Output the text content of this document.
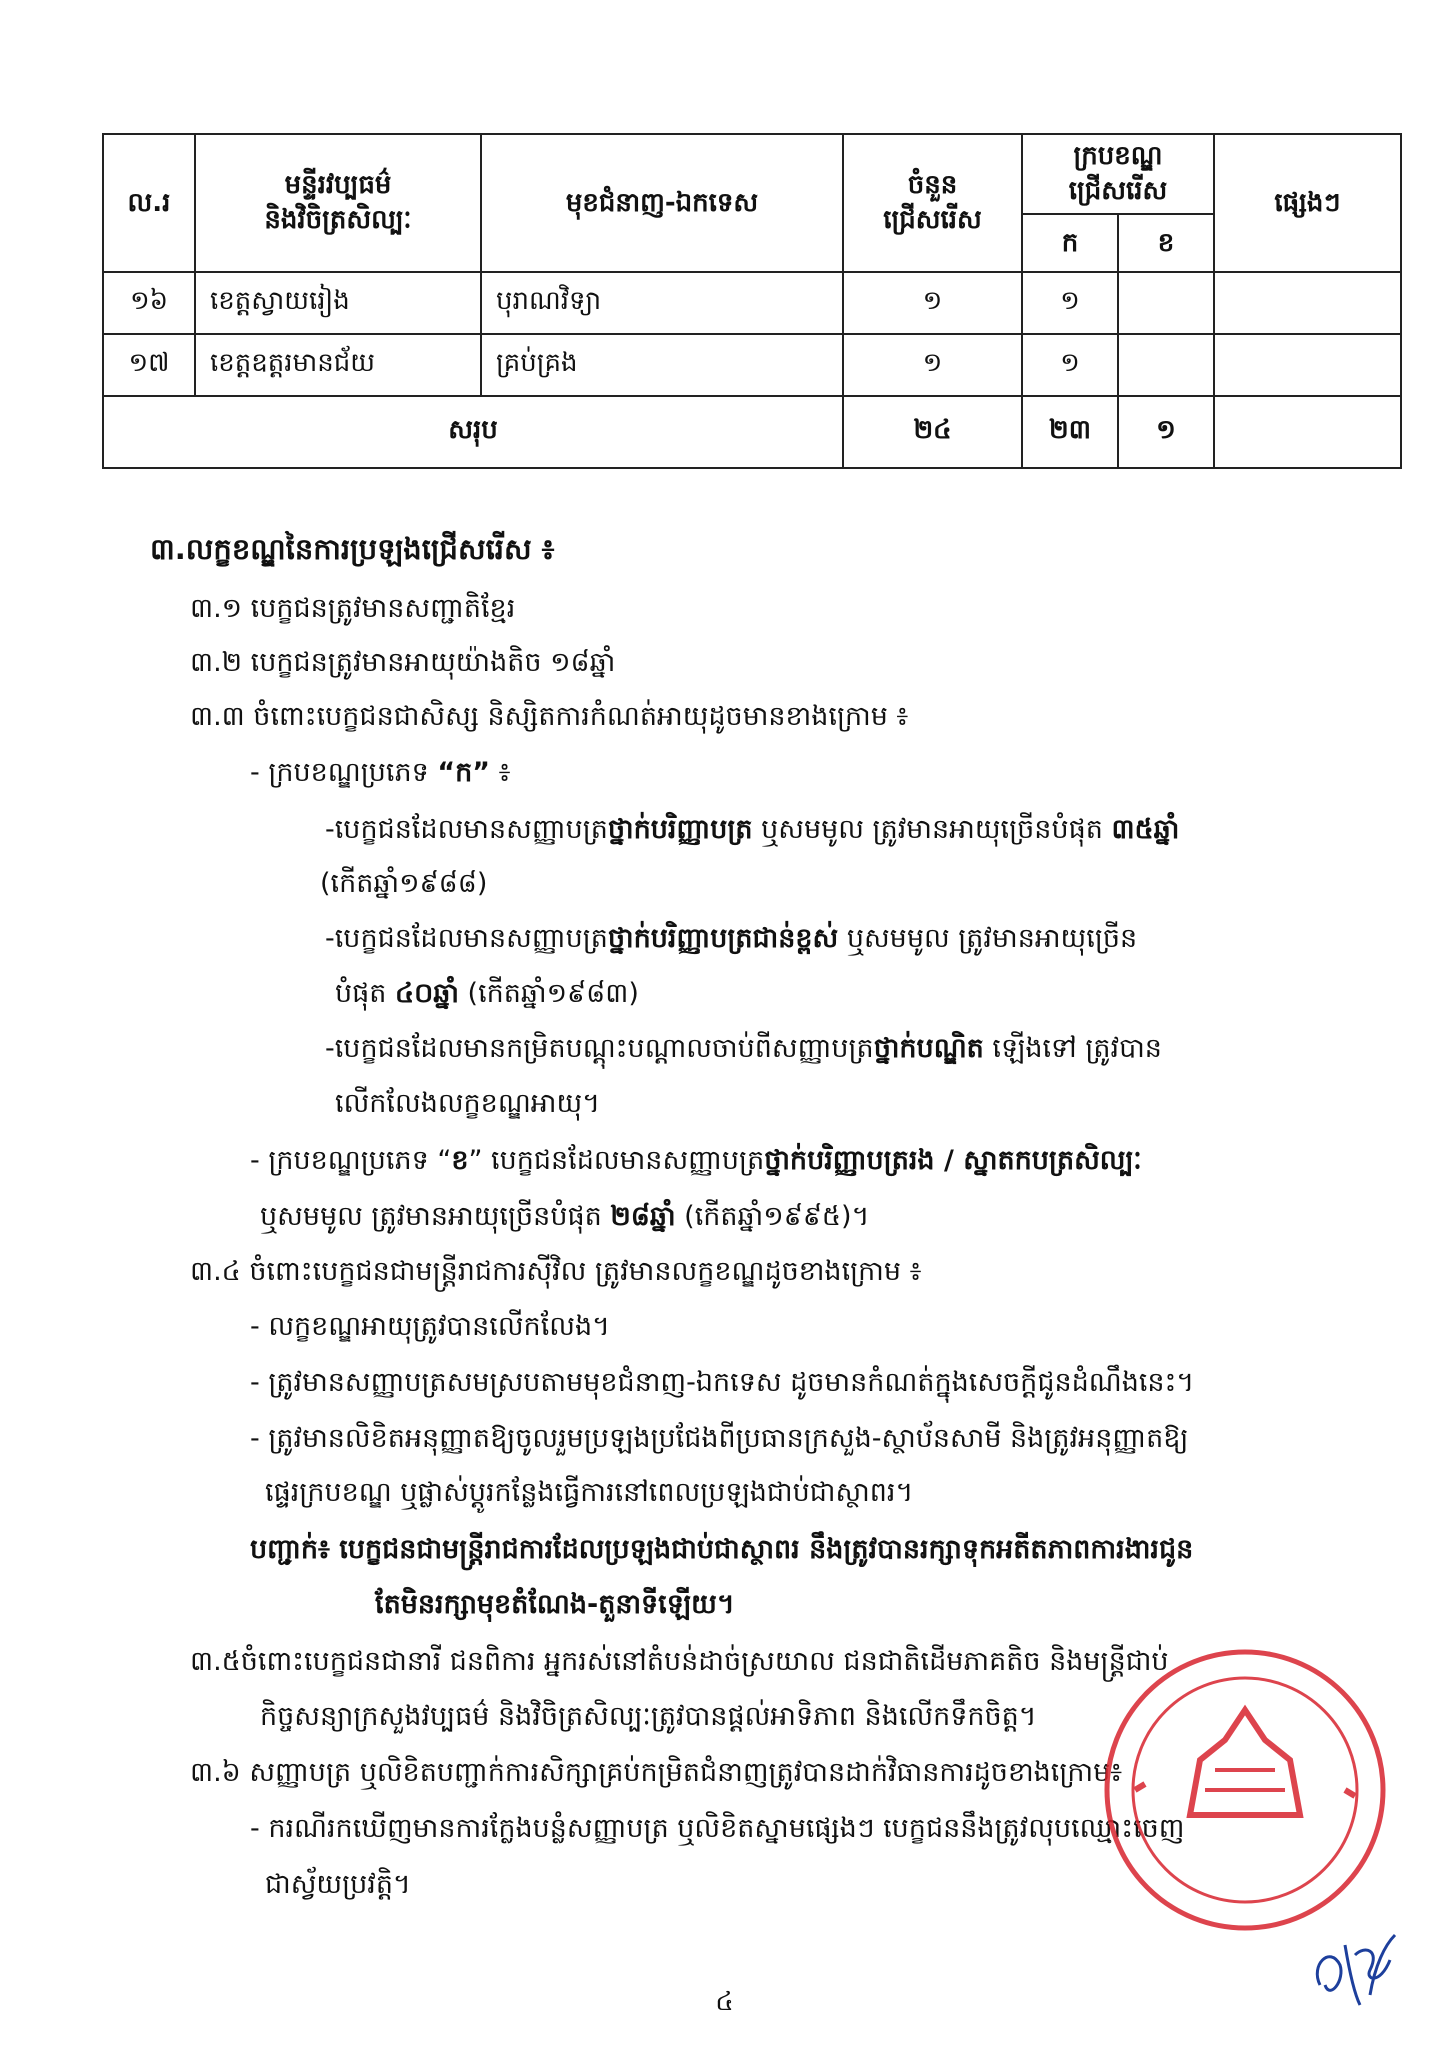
ល.រ	មន្ទីរវប្បធម៌
និងវិចិត្រសិល្បៈ	មុខជំនាញ-ឯកទេស	ចំនួន
ជ្រើសរើស	ក្របខណ្ឌ
ជ្រើសរើស		ផ្សេងៗ
				ក	ខ	
១៦	ខេត្តស្វាយរៀង	បុរាណវិទ្យា	១	១		
១៧	ខេត្តឧត្តរមានជ័យ	គ្រប់គ្រង	១	១		
សរុប			២៤	២៣	១	
៣.លក្ខខណ្ឌនៃការប្រឡងជ្រើសរើស ៖
៣.១ បេក្ខជនត្រូវមានសញ្ជាតិខ្មែរ
៣.២ បេក្ខជនត្រូវមានអាយុយ៉ាងតិច ១៨ឆ្នាំ
៣.៣ ចំពោះបេក្ខជនជាសិស្ស និស្សិតការកំណត់អាយុដូចមានខាងក្រោម ៖
- ក្របខណ្ឌប្រភេទ “ក” ៖
-បេក្ខជនដែលមានសញ្ញាបត្រថ្នាក់បរិញ្ញាបត្រ ឬសមមូល ត្រូវមានអាយុច្រើនបំផុត ៣៥ឆ្នាំ
(កើតឆ្នាំ១៩៨៨)
-បេក្ខជនដែលមានសញ្ញាបត្រថ្នាក់បរិញ្ញាបត្រជាន់ខ្ពស់ ឬសមមូល ត្រូវមានអាយុច្រើន
បំផុត ៤០ឆ្នាំ (កើតឆ្នាំ១៩៨៣)
-បេក្ខជនដែលមានកម្រិតបណ្ដុះបណ្ដាលចាប់ពីសញ្ញាបត្រថ្នាក់បណ្ឌិត ឡើងទៅ ត្រូវបាន
លើកលែងលក្ខខណ្ឌអាយុ។
- ក្របខណ្ឌប្រភេទ “ខ” បេក្ខជនដែលមានសញ្ញាបត្រថ្នាក់បរិញ្ញាបត្ររង / ស្នាតកបត្រសិល្បៈ
ឬសមមូល ត្រូវមានអាយុច្រើនបំផុត ២៨ឆ្នាំ (កើតឆ្នាំ១៩៩៥)។
៣.៤ ចំពោះបេក្ខជនជាមន្ត្រីរាជការស៊ីវិល ត្រូវមានលក្ខខណ្ឌដូចខាងក្រោម ៖
- លក្ខខណ្ឌអាយុត្រូវបានលើកលែង។
- ត្រូវមានសញ្ញាបត្រសមស្របតាមមុខជំនាញ-ឯកទេស ដូចមានកំណត់ក្នុងសេចក្ដីជូនដំណឹងនេះ។
- ត្រូវមានលិខិតអនុញ្ញាតឱ្យចូលរួមប្រឡងប្រជែងពីប្រធានក្រសួង-ស្ថាប័នសាមី និងត្រូវអនុញ្ញាតឱ្យ
ផ្ទេរក្របខណ្ឌ ឬផ្លាស់ប្ដូរកន្លែងធ្វើការនៅពេលប្រឡងជាប់ជាស្ថាពរ។
បញ្ជាក់៖ បេក្ខជនជាមន្ត្រីរាជការដែលប្រឡងជាប់ជាស្ថាពរ នឹងត្រូវបានរក្សាទុកអតីតភាពការងារជូន
តែមិនរក្សាមុខតំណែង-តួនាទីឡើយ។
៣.៥ចំពោះបេក្ខជនជានារី ជនពិការ អ្នករស់នៅតំបន់ដាច់ស្រយាល ជនជាតិដើមភាគតិច និងមន្ត្រីជាប់
កិច្ចសន្យាក្រសួងវប្បធម៌ និងវិចិត្រសិល្បៈត្រូវបានផ្ដល់អាទិភាព និងលើកទឹកចិត្ត។
៣.៦ សញ្ញាបត្រ ឬលិខិតបញ្ជាក់ការសិក្សាគ្រប់កម្រិតជំនាញត្រូវបានដាក់វិធានការដូចខាងក្រោម៖
- ករណីរកឃើញមានការក្លែងបន្លំសញ្ញាបត្រ ឬលិខិតស្នាមផ្សេងៗ បេក្ខជននឹងត្រូវលុបឈ្មោះចេញ
ជាស្វ័យប្រវត្តិ។
៤
